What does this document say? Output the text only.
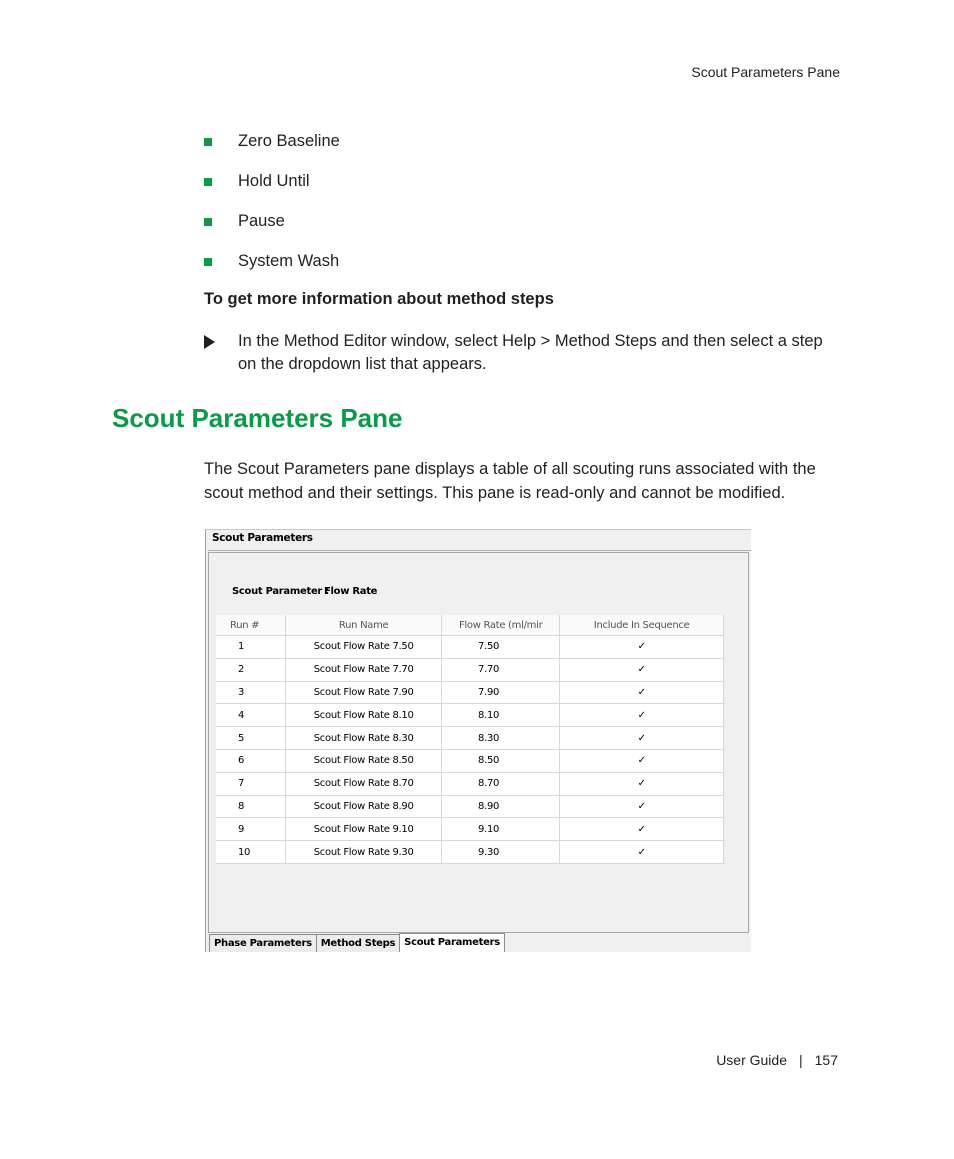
Scout Parameters Pane
Zero Baseline
Hold Until
Pause
System Wash
To get more information about method steps
In the Method Editor window, select Help > Method Steps and then select a step on the dropdown list that appears.
Scout Parameters Pane

The Scout Parameters pane displays a table of all scouting runs associated with the scout method and their settings. This pane is read-only and cannot be modified.

Scout Parameters
Scout Parameter :
Flow Rate
Run #	Run Name	Flow Rate (ml/mir	Include In Sequence
1	Scout Flow Rate 7.50	7.50	✓
2	Scout Flow Rate 7.70	7.70	✓
3	Scout Flow Rate 7.90	7.90	✓
4	Scout Flow Rate 8.10	8.10	✓
5	Scout Flow Rate 8.30	8.30	✓
6	Scout Flow Rate 8.50	8.50	✓
7	Scout Flow Rate 8.70	8.70	✓
8	Scout Flow Rate 8.90	8.90	✓
9	Scout Flow Rate 9.10	9.10	✓
10	Scout Flow Rate 9.30	9.30	✓
Phase Parameters Method Steps Scout Parameters
User Guide | 157
